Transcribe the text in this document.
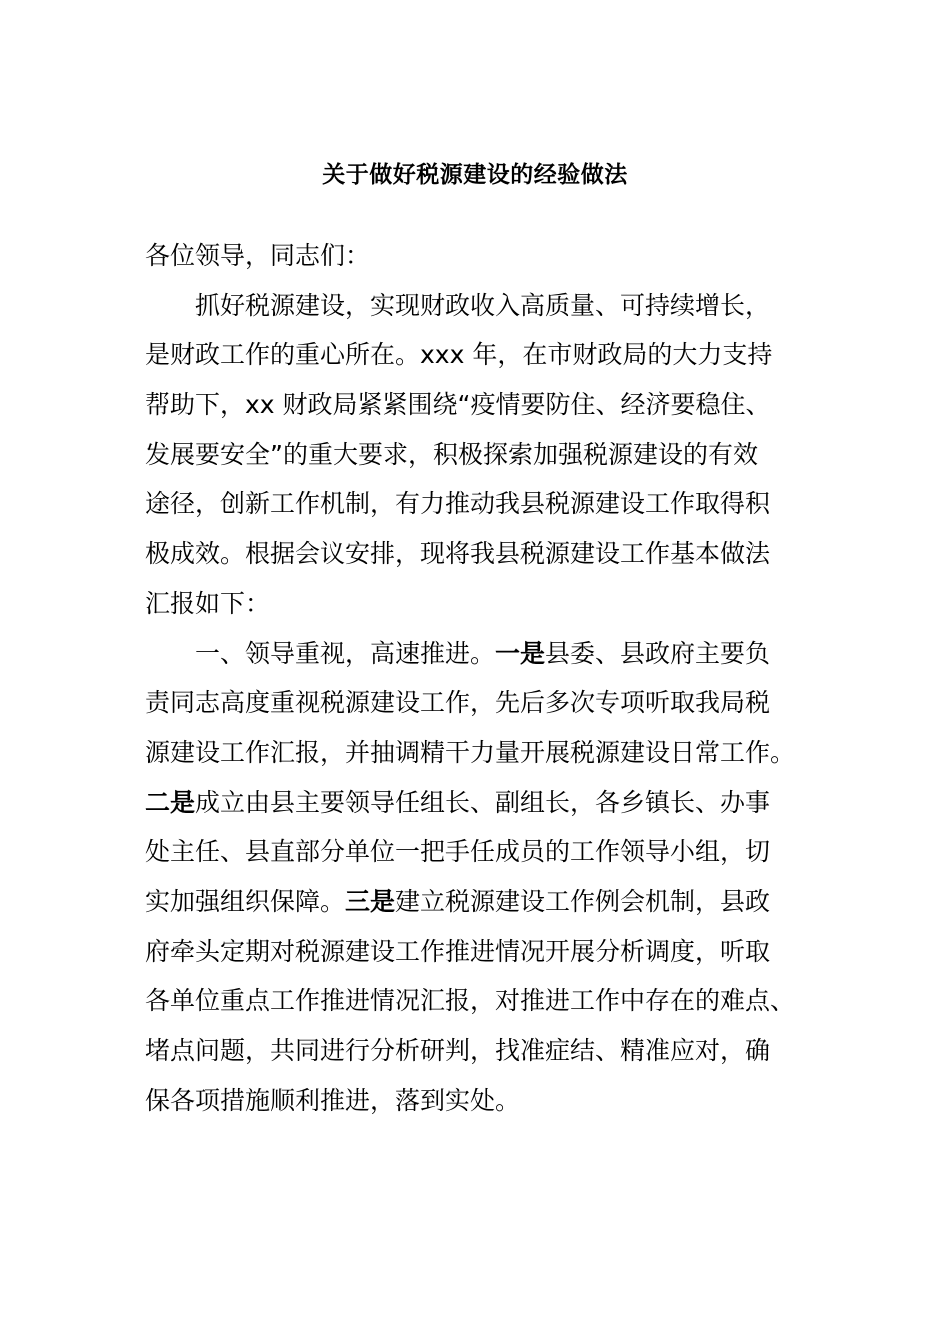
关于做好税源建设的经验做法
各位领导，同志们：
抓好税源建设，实现财政收入高质量、可持续增长，
是财政工作的重心所在。xxx 年，在市财政局的大力支持
帮助下，xx 财政局紧紧围绕“疫情要防住、经济要稳住、
发展要安全”的重大要求，积极探索加强税源建设的有效
途径，创新工作机制，有力推动我县税源建设工作取得积
极成效。根据会议安排，现将我县税源建设工作基本做法
汇报如下：
一、领导重视，高速推进。一是县委、县政府主要负
责同志高度重视税源建设工作，先后多次专项听取我局税
源建设工作汇报，并抽调精干力量开展税源建设日常工作。
二是成立由县主要领导任组长、副组长，各乡镇长、办事
处主任、县直部分单位一把手任成员的工作领导小组，切
实加强组织保障。三是建立税源建设工作例会机制，县政
府牵头定期对税源建设工作推进情况开展分析调度，听取
各单位重点工作推进情况汇报，对推进工作中存在的难点、
堵点问题，共同进行分析研判，找准症结、精准应对，确
保各项措施顺利推进，落到实处。
